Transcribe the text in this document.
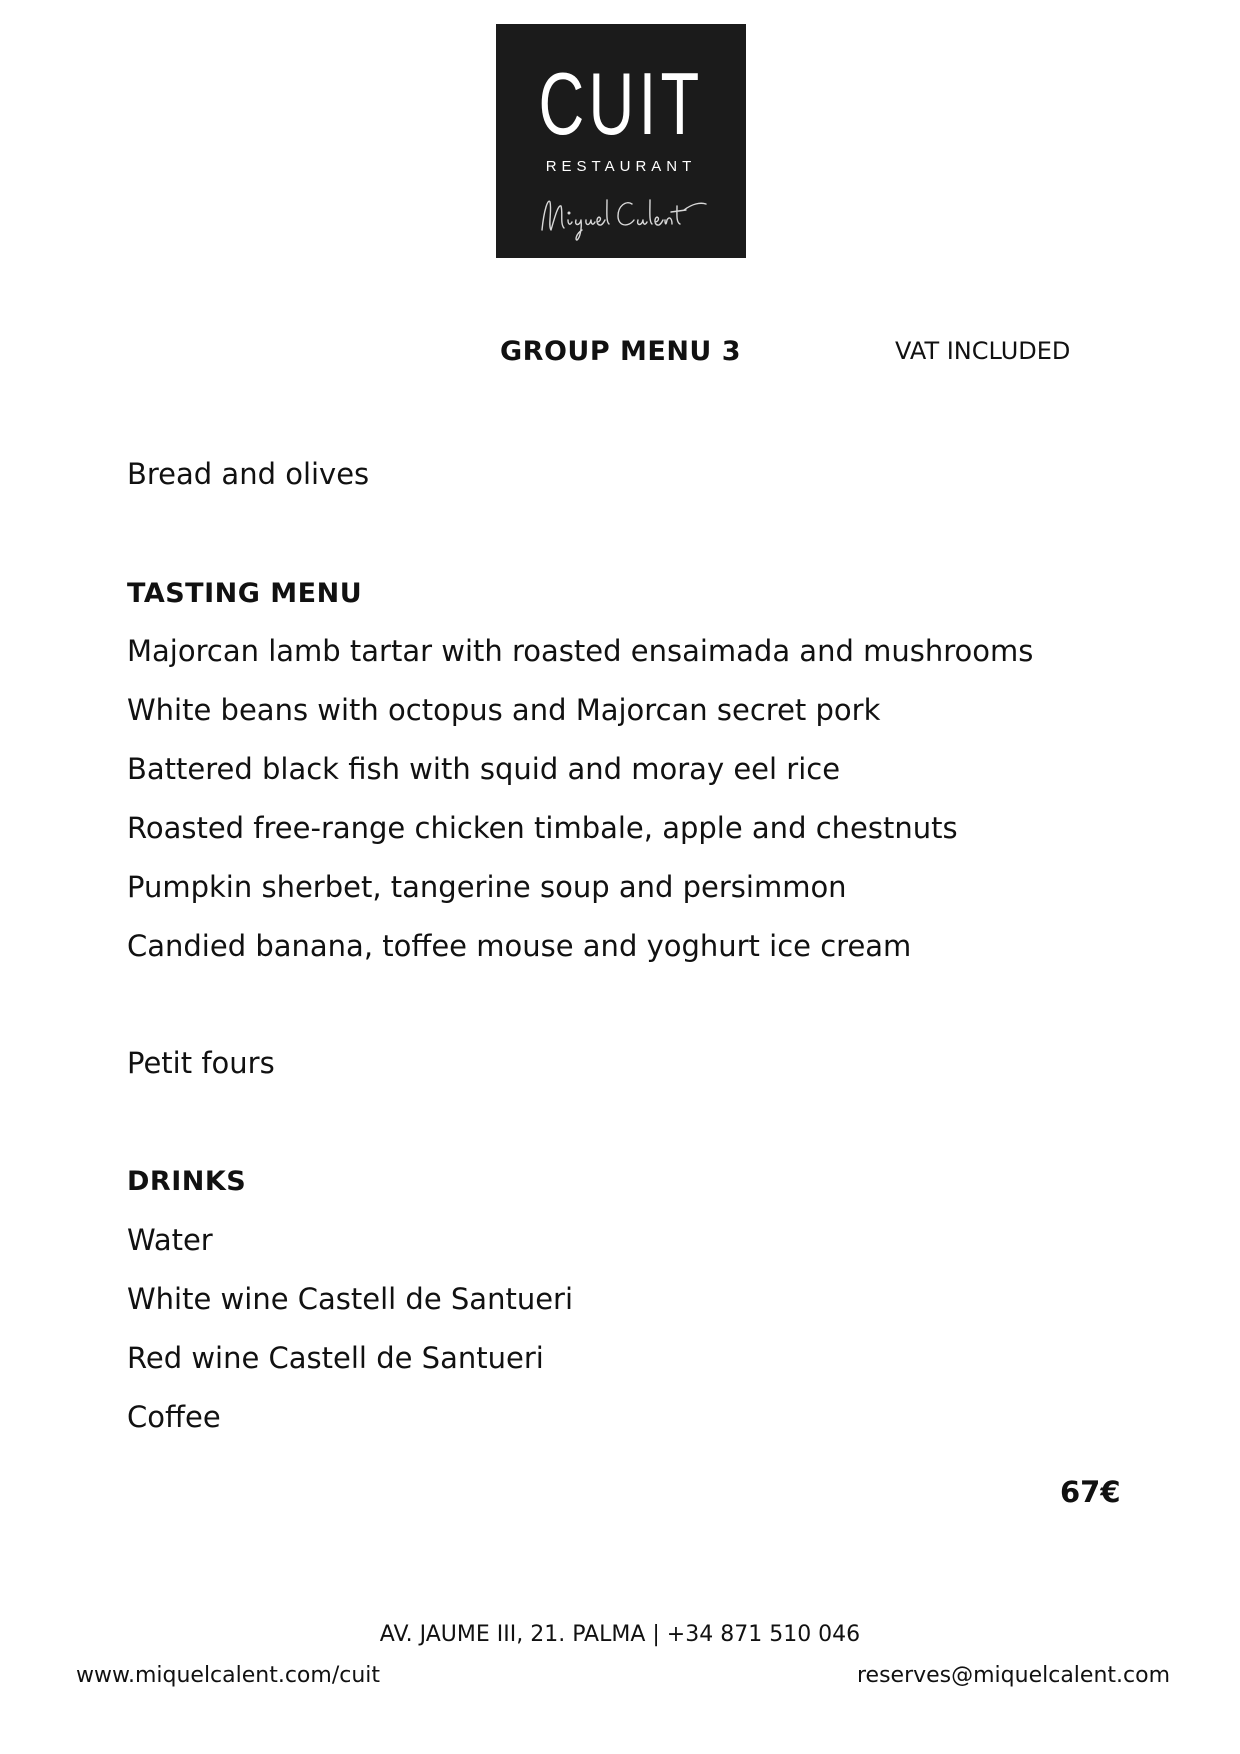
CUIT
RESTAURANT
GROUP MENU 3	VAT INCLUDED
Bread and olives
TASTING MENU
Majorcan lamb tartar with roasted ensaimada and mushrooms
White beans with octopus and Majorcan secret pork
Battered black fish with squid and moray eel rice
Roasted free-range chicken timbale, apple and chestnuts
Pumpkin sherbet, tangerine soup and persimmon
Candied banana, toffee mouse and yoghurt ice cream
Petit fours
DRINKS
Water
White wine Castell de Santueri
Red wine Castell de Santueri
Coffee
67€
AV. JAUME III, 21. PALMA | +34 871 510 046
www.miquelcalent.com/cuit	reserves@miquelcalent.com
